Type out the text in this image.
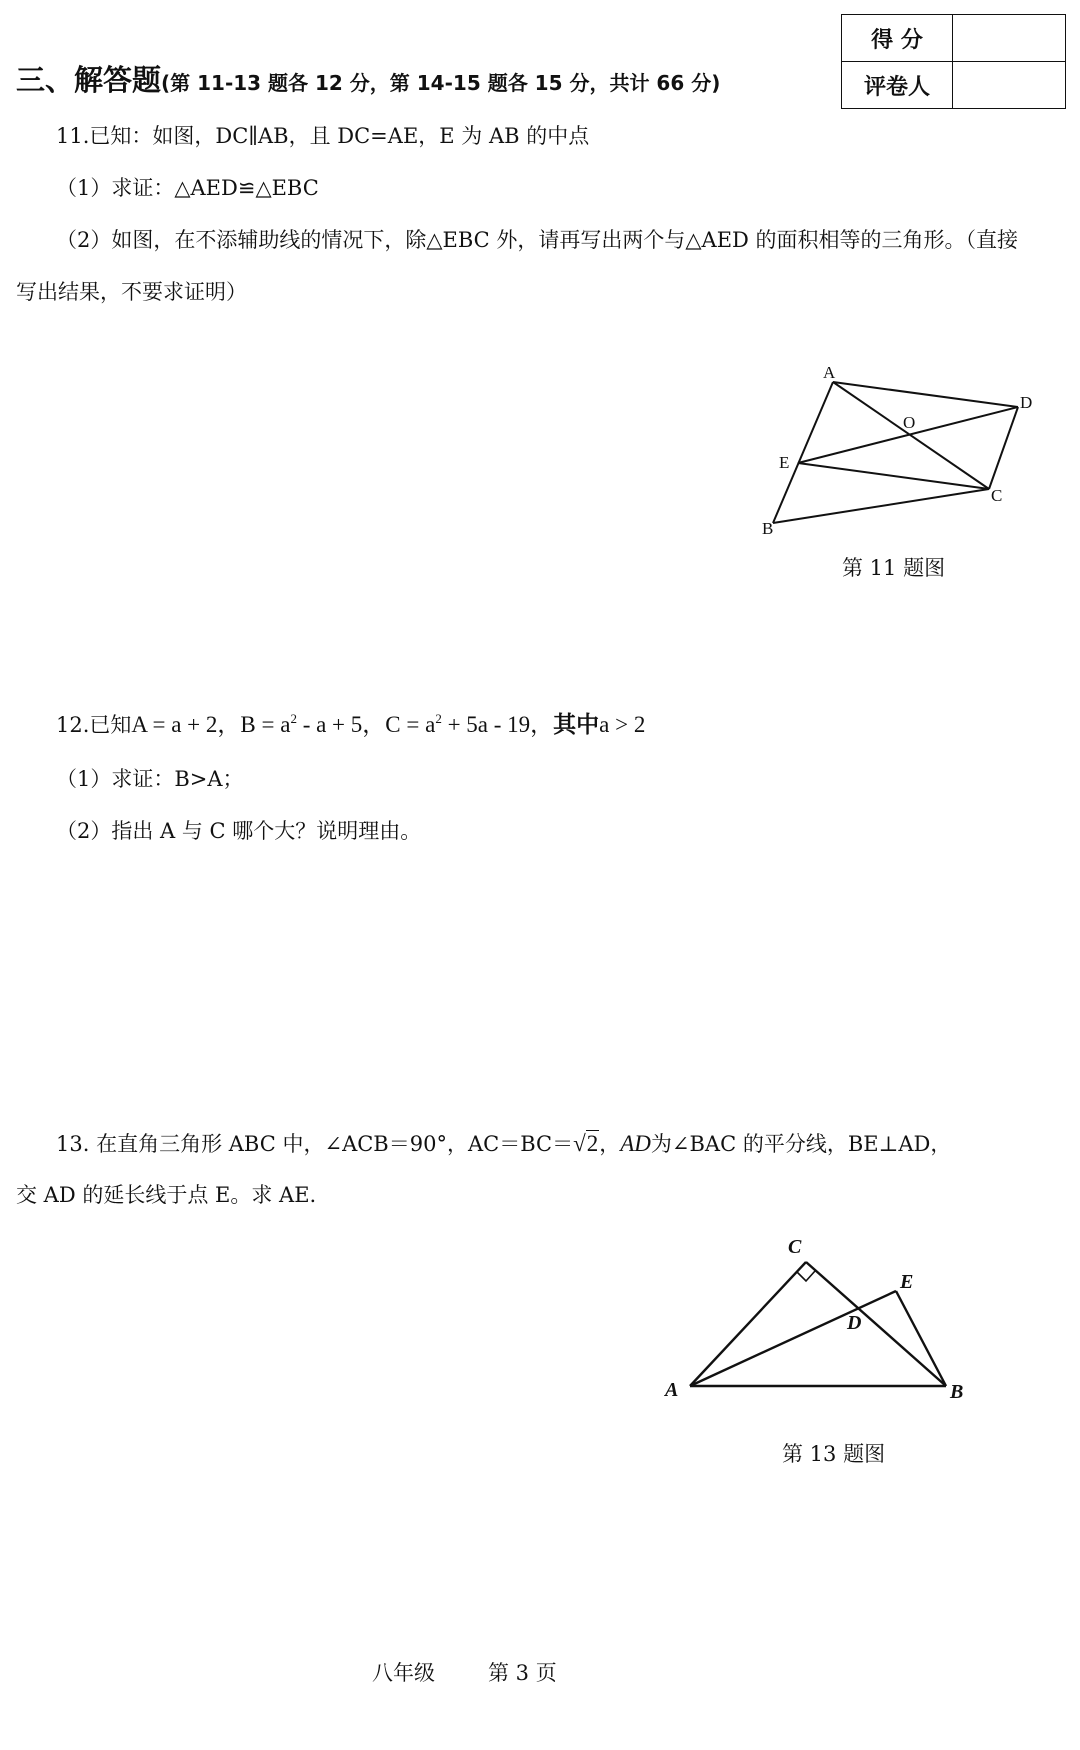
得 分	
评卷人	
三、解答题(第 11-13 题各 12 分，第 14-15 题各 15 分，共计 66 分)
11.已知：如图，DC∥AB，且 DC=AE，E 为 AB 的中点
（1）求证：△AED≌△EBC
（2）如图，在不添辅助线的情况下，除△EBC 外，请再写出两个与△AED 的面积相等的三角形。（直接
写出结果，不要求证明）
A
D
O
E
C
B
第 11 题图
12.已知A = a + 2，$B = a^2 - a + 5$，$C = a^2 + 5a - 19$，其中a > 2
（1）求证：B>A；
（2）指出 A 与 C 哪个大？说明理由。
13. 在直角三角形 ABC 中，∠ACB＝90°，AC＝BC＝√2，AD为∠BAC 的平分线，BE⊥AD，
交 AD 的延长线于点 E。求 AE.
C
E
D
A	B
第 13 题图
八年级	第 3 页
